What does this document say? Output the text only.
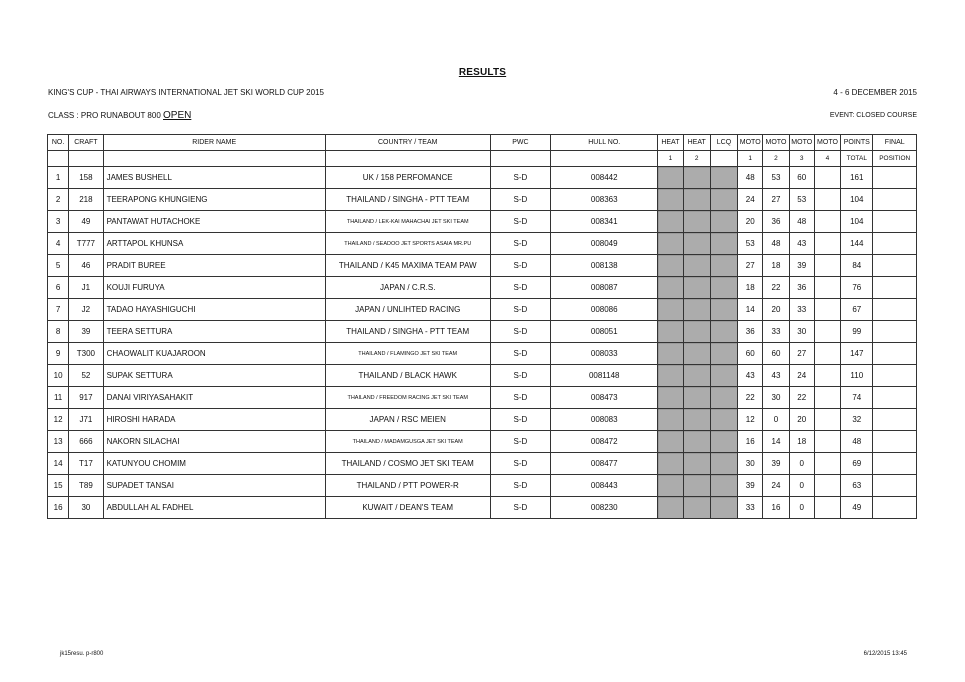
RESULTS
KING'S CUP - THAI AIRWAYS INTERNATIONAL JET SKI WORLD CUP 2015	4 - 6 DECEMBER 2015
CLASS : PRO RUNABOUT 800 OPEN	EVENT: CLOSED COURSE
NO.	CRAFT	RIDER NAME	COUNTRY / TEAM	PWC	HULL NO.	HEAT	HEAT	LCQ	MOTO	MOTO	MOTO	MOTO	POINTS	FINAL
						1	2		1	2	3	4	TOTAL	POSITION
1	158	JAMES BUSHELL	UK / 158 PERFOMANCE	S-D	008442				48	53	60		161	
2	218	TEERAPONG KHUNGIENG	THAILAND / SINGHA - PTT TEAM	S-D	008363				24	27	53		104	
3	49	PANTAWAT HUTACHOKE	THAILAND / LEK-KAI MAHACHAI JET SKI TEAM	S-D	008341				20	36	48		104	
4	T777	ARTTAPOL KHUNSA	THAILAND / SEADOO JET SPORTS ASAIA MR.PU	S-D	008049				53	48	43		144	
5	46	PRADIT BUREE	THAILAND / K45 MAXIMA TEAM PAW	S-D	008138				27	18	39		84	
6	J1	KOUJI FURUYA	JAPAN / C.R.S.	S-D	008087				18	22	36		76	
7	J2	TADAO HAYASHIGUCHI	JAPAN / UNLIHTED RACING	S-D	008086				14	20	33		67	
8	39	TEERA SETTURA	THAILAND / SINGHA - PTT TEAM	S-D	008051				36	33	30		99	
9	T300	CHAOWALIT KUAJAROON	THAILAND / FLAMINGO JET SKI TEAM	S-D	008033				60	60	27		147	
10	52	SUPAK SETTURA	THAILAND / BLACK HAWK	S-D	0081148				43	43	24		110	
11	917	DANAI VIRIYASAHAKIT	THAILAND / FREEDOM RACING JET SKI TEAM	S-D	008473				22	30	22		74	
12	J71	HIROSHI HARADA	JAPAN / RSC MEIEN	S-D	008083				12	0	20		32	
13	666	NAKORN SILACHAI	THAILAND / MADAMGUSGA JET SKI TEAM	S-D	008472				16	14	18		48	
14	T17	KATUNYOU CHOMIM	THAILAND / COSMO JET SKI TEAM	S-D	008477				30	39	0		69	
15	T89	SUPADET TANSAI	THAILAND / PTT POWER-R	S-D	008443				39	24	0		63	
16	30	ABDULLAH AL FADHEL	KUWAIT / DEAN'S TEAM	S-D	008230				33	16	0		49	
jk15resu. p-r800	6/12/2015 13:45
